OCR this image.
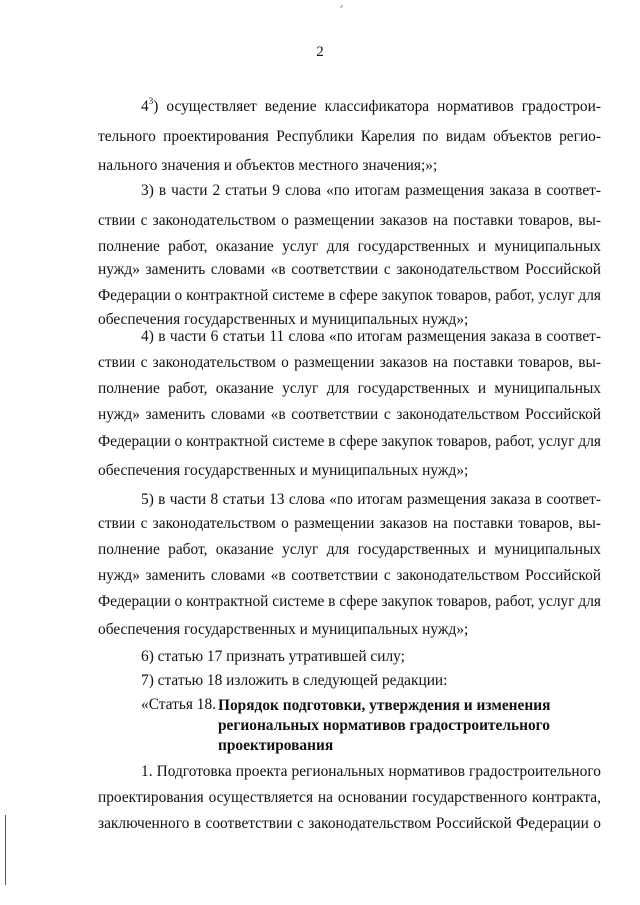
2
$4^3$) осуществляет ведение классификатора нормативов градострои-
тельного проектирования Республики Карелия по видам объектов регио-
нального значения и объектов местного значения;»;
3) в части 2 статьи 9 слова «по итогам размещения заказа в соответ-
ствии с законодательством о размещении заказов на поставки товаров, вы-
полнение работ, оказание услуг для государственных и муниципальных
нужд» заменить словами «в соответствии с законодательством Российской
Федерации о контрактной системе в сфере закупок товаров, работ, услуг для
обеспечения государственных и муниципальных нужд»;
4) в части 6 статьи 11 слова «по итогам размещения заказа в соответ-
ствии с законодательством о размещении заказов на поставки товаров, вы-
полнение работ, оказание услуг для государственных и муниципальных
нужд» заменить словами «в соответствии с законодательством Российской
Федерации о контрактной системе в сфере закупок товаров, работ, услуг для
обеспечения государственных и муниципальных нужд»;
5) в части 8 статьи 13 слова «по итогам размещения заказа в соответ-
ствии с законодательством о размещении заказов на поставки товаров, вы-
полнение работ, оказание услуг для государственных и муниципальных
нужд» заменить словами «в соответствии с законодательством Российской
Федерации о контрактной системе в сфере закупок товаров, работ, услуг для
обеспечения государственных и муниципальных нужд»;
6) статью 17 признать утратившей силу;
7) статью 18 изложить в следующей редакции:
«Статья 18. Порядок подготовки, утверждения и изменения
региональных нормативов градостроительного
проектирования
1. Подготовка проекта региональных нормативов градостроительного
проектирования осуществляется на основании государственного контракта,
заключенного в соответствии с законодательством Российской Федерации о
